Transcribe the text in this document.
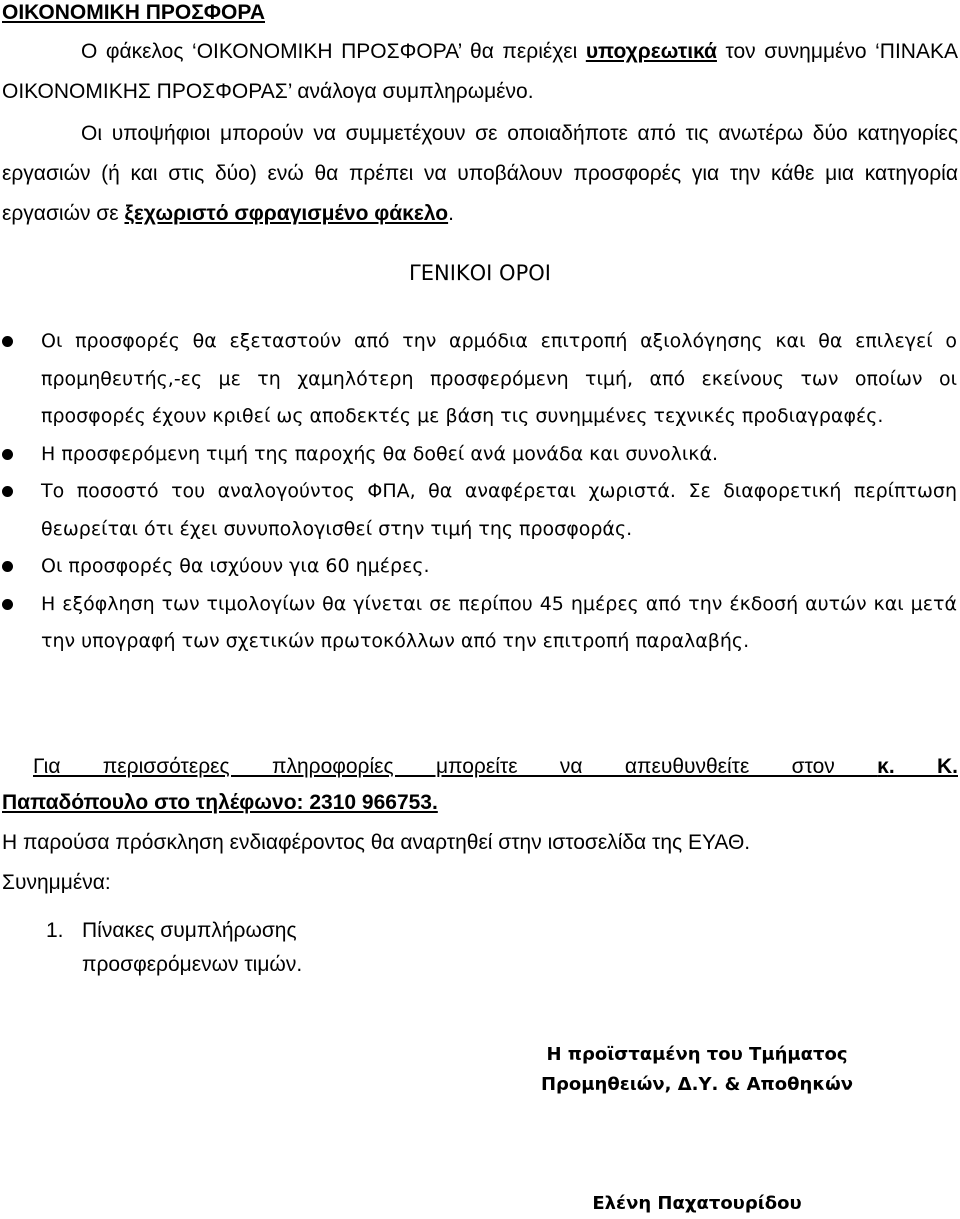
ΟΙΚΟΝΟΜΙΚΗ ΠΡΟΣΦΟΡΑ
Ο φάκελος ‘ΟΙΚΟΝΟΜΙΚΗ ΠΡΟΣΦΟΡΑ’ θα περιέχει υποχρεωτικά τον συνημμένο ‘ΠΙΝΑΚΑ ΟΙΚΟΝΟΜΙΚΗΣ ΠΡΟΣΦΟΡΑΣ’ ανάλογα συμπληρωμένο.
Οι υποψήφιοι μπορούν να συμμετέχουν σε οποιαδήποτε από τις ανωτέρω δύο κατηγορίες εργασιών (ή και στις δύο) ενώ θα πρέπει να υποβάλουν προσφορές για την κάθε μια κατηγορία εργασιών σε ξεχωριστό σφραγισμένο φάκελο.
ΓΕΝΙΚΟΙ ΟΡΟΙ
Οι προσφορές θα εξεταστούν από την αρμόδια επιτροπή αξιολόγησης και θα επιλεγεί ο προμηθευτής,-ες με τη χαμηλότερη προσφερόμενη τιμή, από εκείνους των οποίων οι προσφορές έχουν κριθεί ως αποδεκτές με βάση τις συνημμένες τεχνικές προδιαγραφές.
Η προσφερόμενη τιμή της παροχής θα δοθεί ανά μονάδα και συνολικά.
Το ποσοστό του αναλογούντος ΦΠΑ, θα αναφέρεται χωριστά. Σε διαφορετική περίπτωση θεωρείται ότι έχει συνυπολογισθεί στην τιμή της προσφοράς.
Οι προσφορές θα ισχύουν για 60 ημέρες.
Η εξόφληση των τιμολογίων θα γίνεται σε περίπου 45 ημέρες από την έκδοσή αυτών και μετά την υπογραφή των σχετικών πρωτοκόλλων από την επιτροπή παραλαβής.
Για περισσότερες πληροφορίες μπορείτε να απευθυνθείτε στον κ. Κ.
Παπαδόπουλο στο τηλέφωνο: 2310 966753.
Η παρούσα πρόσκληση ενδιαφέροντος θα αναρτηθεί στην ιστοσελίδα της ΕΥΑΘ.
Συνημμένα:
1. Πίνακες συμπλήρωσης προσφερόμενων τιμών.
Η προϊσταμένη του Τμήματος
Προμηθειών, Δ.Υ. & Αποθηκών
Ελένη Παχατουρίδου
